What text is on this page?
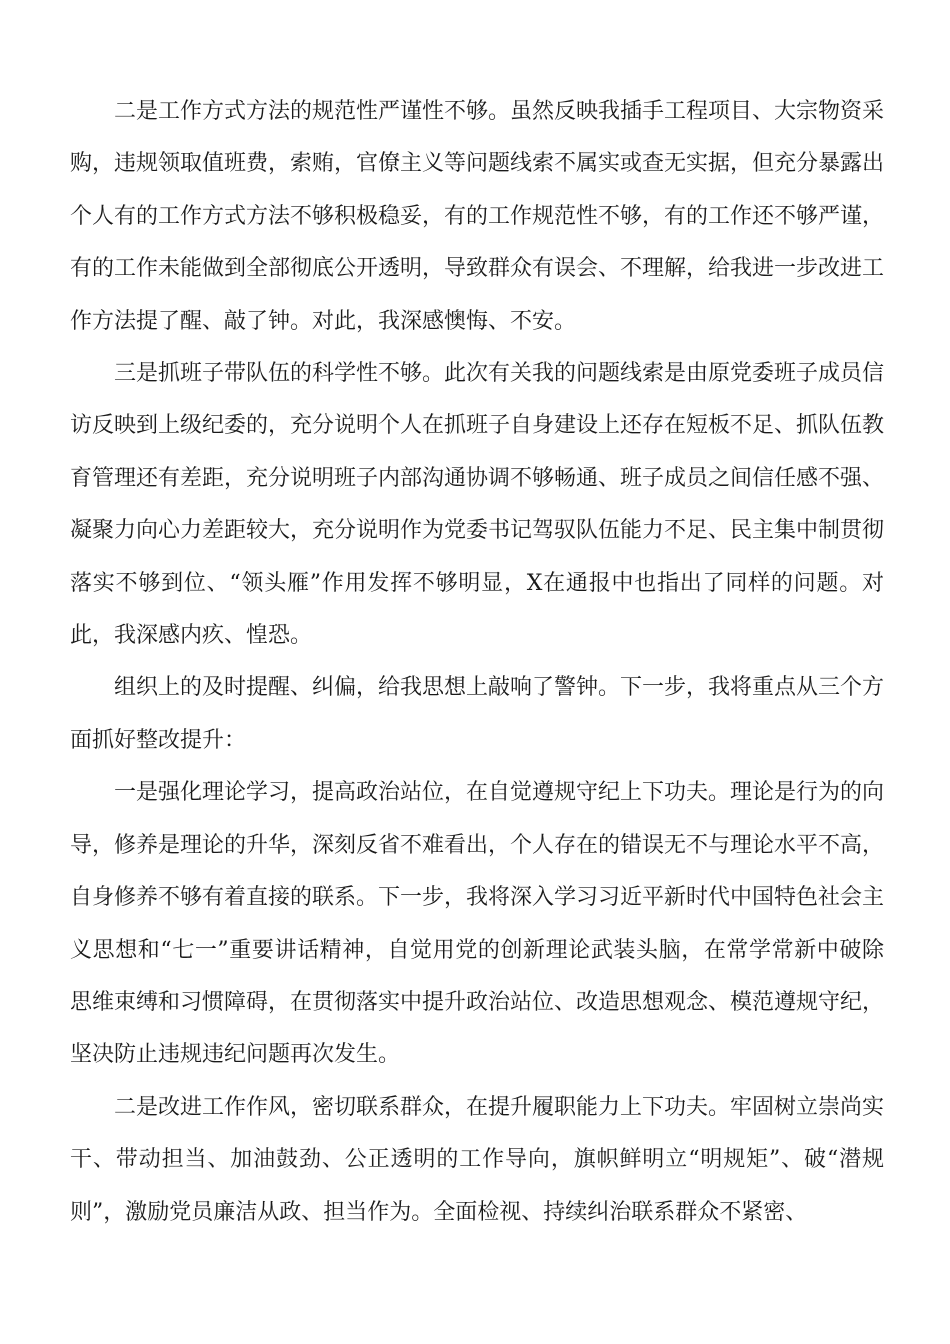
二是工作方式方法的规范性严谨性不够。虽然反映我插手工程项目、大宗物资采购，违规领取值班费，索贿，官僚主义等问题线索不属实或查无实据，但充分暴露出个人有的工作方式方法不够积极稳妥，有的工作规范性不够，有的工作还不够严谨，有的工作未能做到全部彻底公开透明，导致群众有误会、不理解，给我进一步改进工作方法提了醒、敲了钟。对此，我深感懊悔、不安。

三是抓班子带队伍的科学性不够。此次有关我的问题线索是由原党委班子成员信访反映到上级纪委的，充分说明个人在抓班子自身建设上还存在短板不足、抓队伍教育管理还有差距，充分说明班子内部沟通协调不够畅通、班子成员之间信任感不强、凝聚力向心力差距较大，充分说明作为党委书记驾驭队伍能力不足、民主集中制贯彻落实不够到位、“领头雁”作用发挥不够明显，X在通报中也指出了同样的问题。对此，我深感内疚、惶恐。

组织上的及时提醒、纠偏，给我思想上敲响了警钟。下一步，我将重点从三个方面抓好整改提升：

一是强化理论学习，提高政治站位，在自觉遵规守纪上下功夫。理论是行为的向导，修养是理论的升华，深刻反省不难看出，个人存在的错误无不与理论水平不高，自身修养不够有着直接的联系。下一步，我将深入学习习近平新时代中国特色社会主义思想和“七一”重要讲话精神，自觉用党的创新理论武装头脑，在常学常新中破除思维束缚和习惯障碍，在贯彻落实中提升政治站位、改造思想观念、模范遵规守纪，坚决防止违规违纪问题再次发生。

二是改进工作作风，密切联系群众，在提升履职能力上下功夫。牢固树立崇尚实干、带动担当、加油鼓劲、公正透明的工作导向，旗帜鲜明立“明规矩”、破“潜规则”，激励党员廉洁从政、担当作为。全面检视、持续纠治联系群众不紧密、
